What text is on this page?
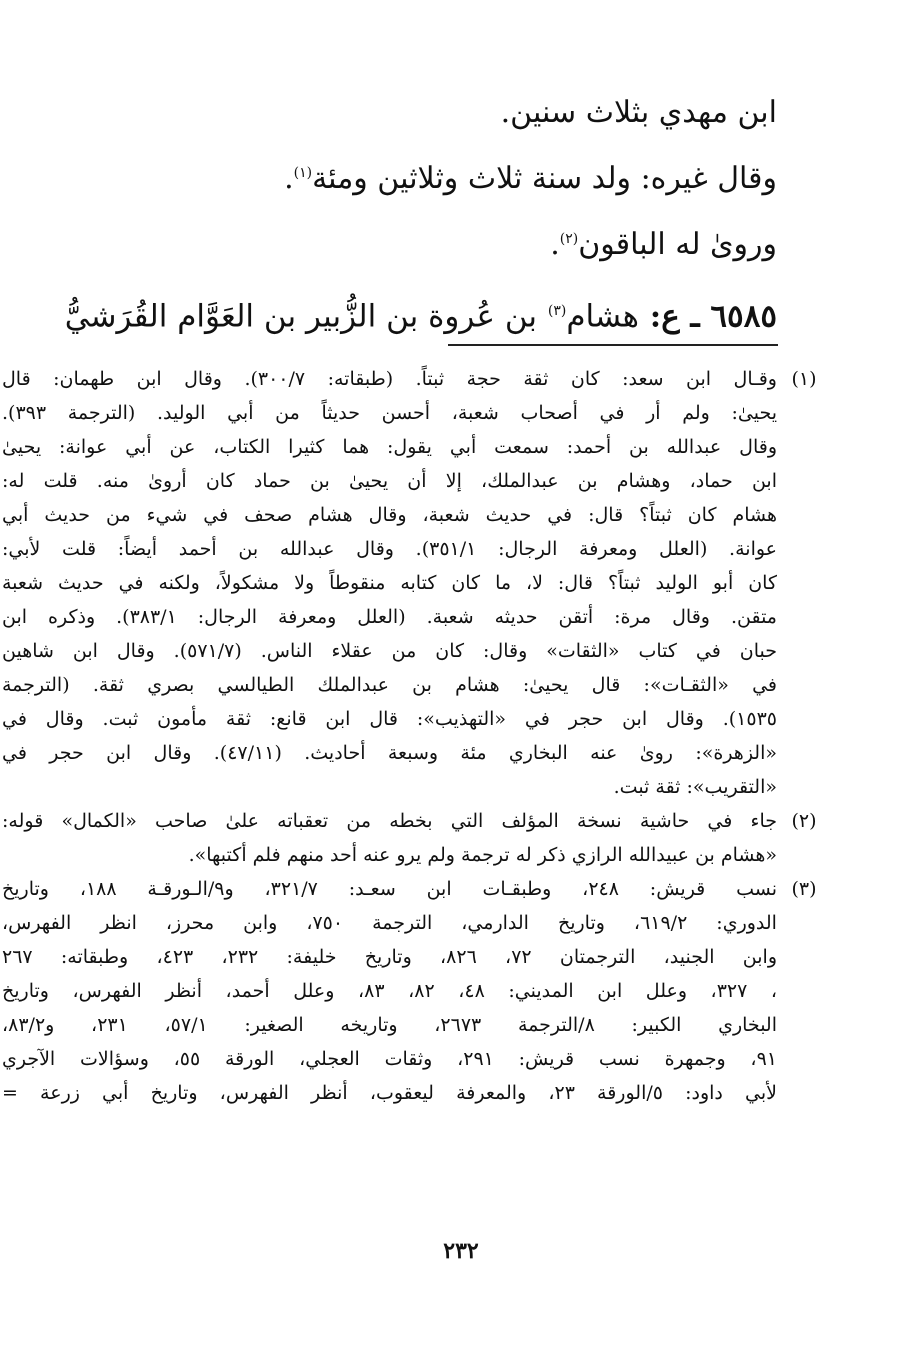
ابن مهدي بثلاث سنين.
وقال غيره: ولد سنة ثلاث وثلاثين ومئة$^{(١)}$.
وروىٰ له الباقون$^{(٢)}$.
٦٥٨٥ ـ ع: هشام$^{(٣)}$ بن عُروة بن الزُّبير بن العَوَّام القُرَشيُّ
(١)
وقـال ابن سعد: كان ثقة حجة ثبتاً. (طبقاته: ٣٠٠/٧). وقال ابن طهمان: قال
يحيىٰ: ولم أر في أصحاب شعبة، أحسن حديثاً من أبي الوليد. (الترجمة ٣٩٣).
وقال عبدالله بن أحمد: سمعت أبي يقول: هما كثيرا الكتاب، عن أبي عوانة: يحيىٰ
ابن حماد، وهشام بن عبدالملك، إلا أن يحيىٰ بن حماد كان أروىٰ منه. قلت له:
هشام كان ثبتاً؟ قال: في حديث شعبة، وقال هشام صحف في شيء من حديث أبي
عوانة. (العلل ومعرفة الرجال: ٣٥١/١). وقال عبدالله بن أحمد أيضاً: قلت لأبي:
كان أبو الوليد ثبتاً؟ قال: لا، ما كان كتابه منقوطاً ولا مشكولاً، ولكنه في حديث شعبة
متقن. وقال مرة: أتقن حديثه شعبة. (العلل ومعرفة الرجال: ٣٨٣/١). وذكره ابن
حبان في كتاب «الثقات» وقال: كان من عقلاء الناس. (٥٧١/٧). وقال ابن شاهين
في «الثقـات»: قال يحيىٰ: هشام بن عبدالملك الطيالسي بصري ثقة. (الترجمة
١٥٣٥). وقال ابن حجر في «التهذيب»: قال ابن قانع: ثقة مأمون ثبت. وقال في
«الزهرة»: روىٰ عنه البخاري مئة وسبعة أحاديث. (٤٧/١١). وقال ابن حجر في
«التقريب»: ثقة ثبت.
(٢)
جاء في حاشية نسخة المؤلف التي بخطه من تعقباته علىٰ صاحب «الكمال» قوله:
«هشام بن عبيدالله الرازي ذكر له ترجمة ولم يرو عنه أحد منهم فلم أكتبها».
(٣)
نسب قريش: ٢٤٨، وطبقـات ابن سعـد: ٣٢١/٧، و٩/الـورقـة ١٨٨، وتاريخ
الدوري: ٦١٩/٢، وتاريخ الدارمي، الترجمة ٧٥٠، وابن محرز، انظر الفهرس،
وابن الجنيد، الترجمتان ٧٢، ٨٢٦، وتاريخ خليفة: ٢٣٢، ٤٢٣، وطبقاته: ٢٦٧
، ٣٢٧، وعلل ابن المديني: ٤٨، ٨٢، ٨٣، وعلل أحمد، أنظر الفهرس، وتاريخ
البخاري الكبير: ٨/الترجمة ٢٦٧٣، وتاريخه الصغير: ٥٧/١، ٢٣١، و٨٣/٢،
٩١، وجمهرة نسب قريش: ٢٩١، وثقات العجلي، الورقة ٥٥، وسؤالات الآجري
لأبي داود: ٥/الورقة ٢٣، والمعرفة ليعقوب، أنظر الفهرس، وتاريخ أبي زرعة =
٢٣٢
